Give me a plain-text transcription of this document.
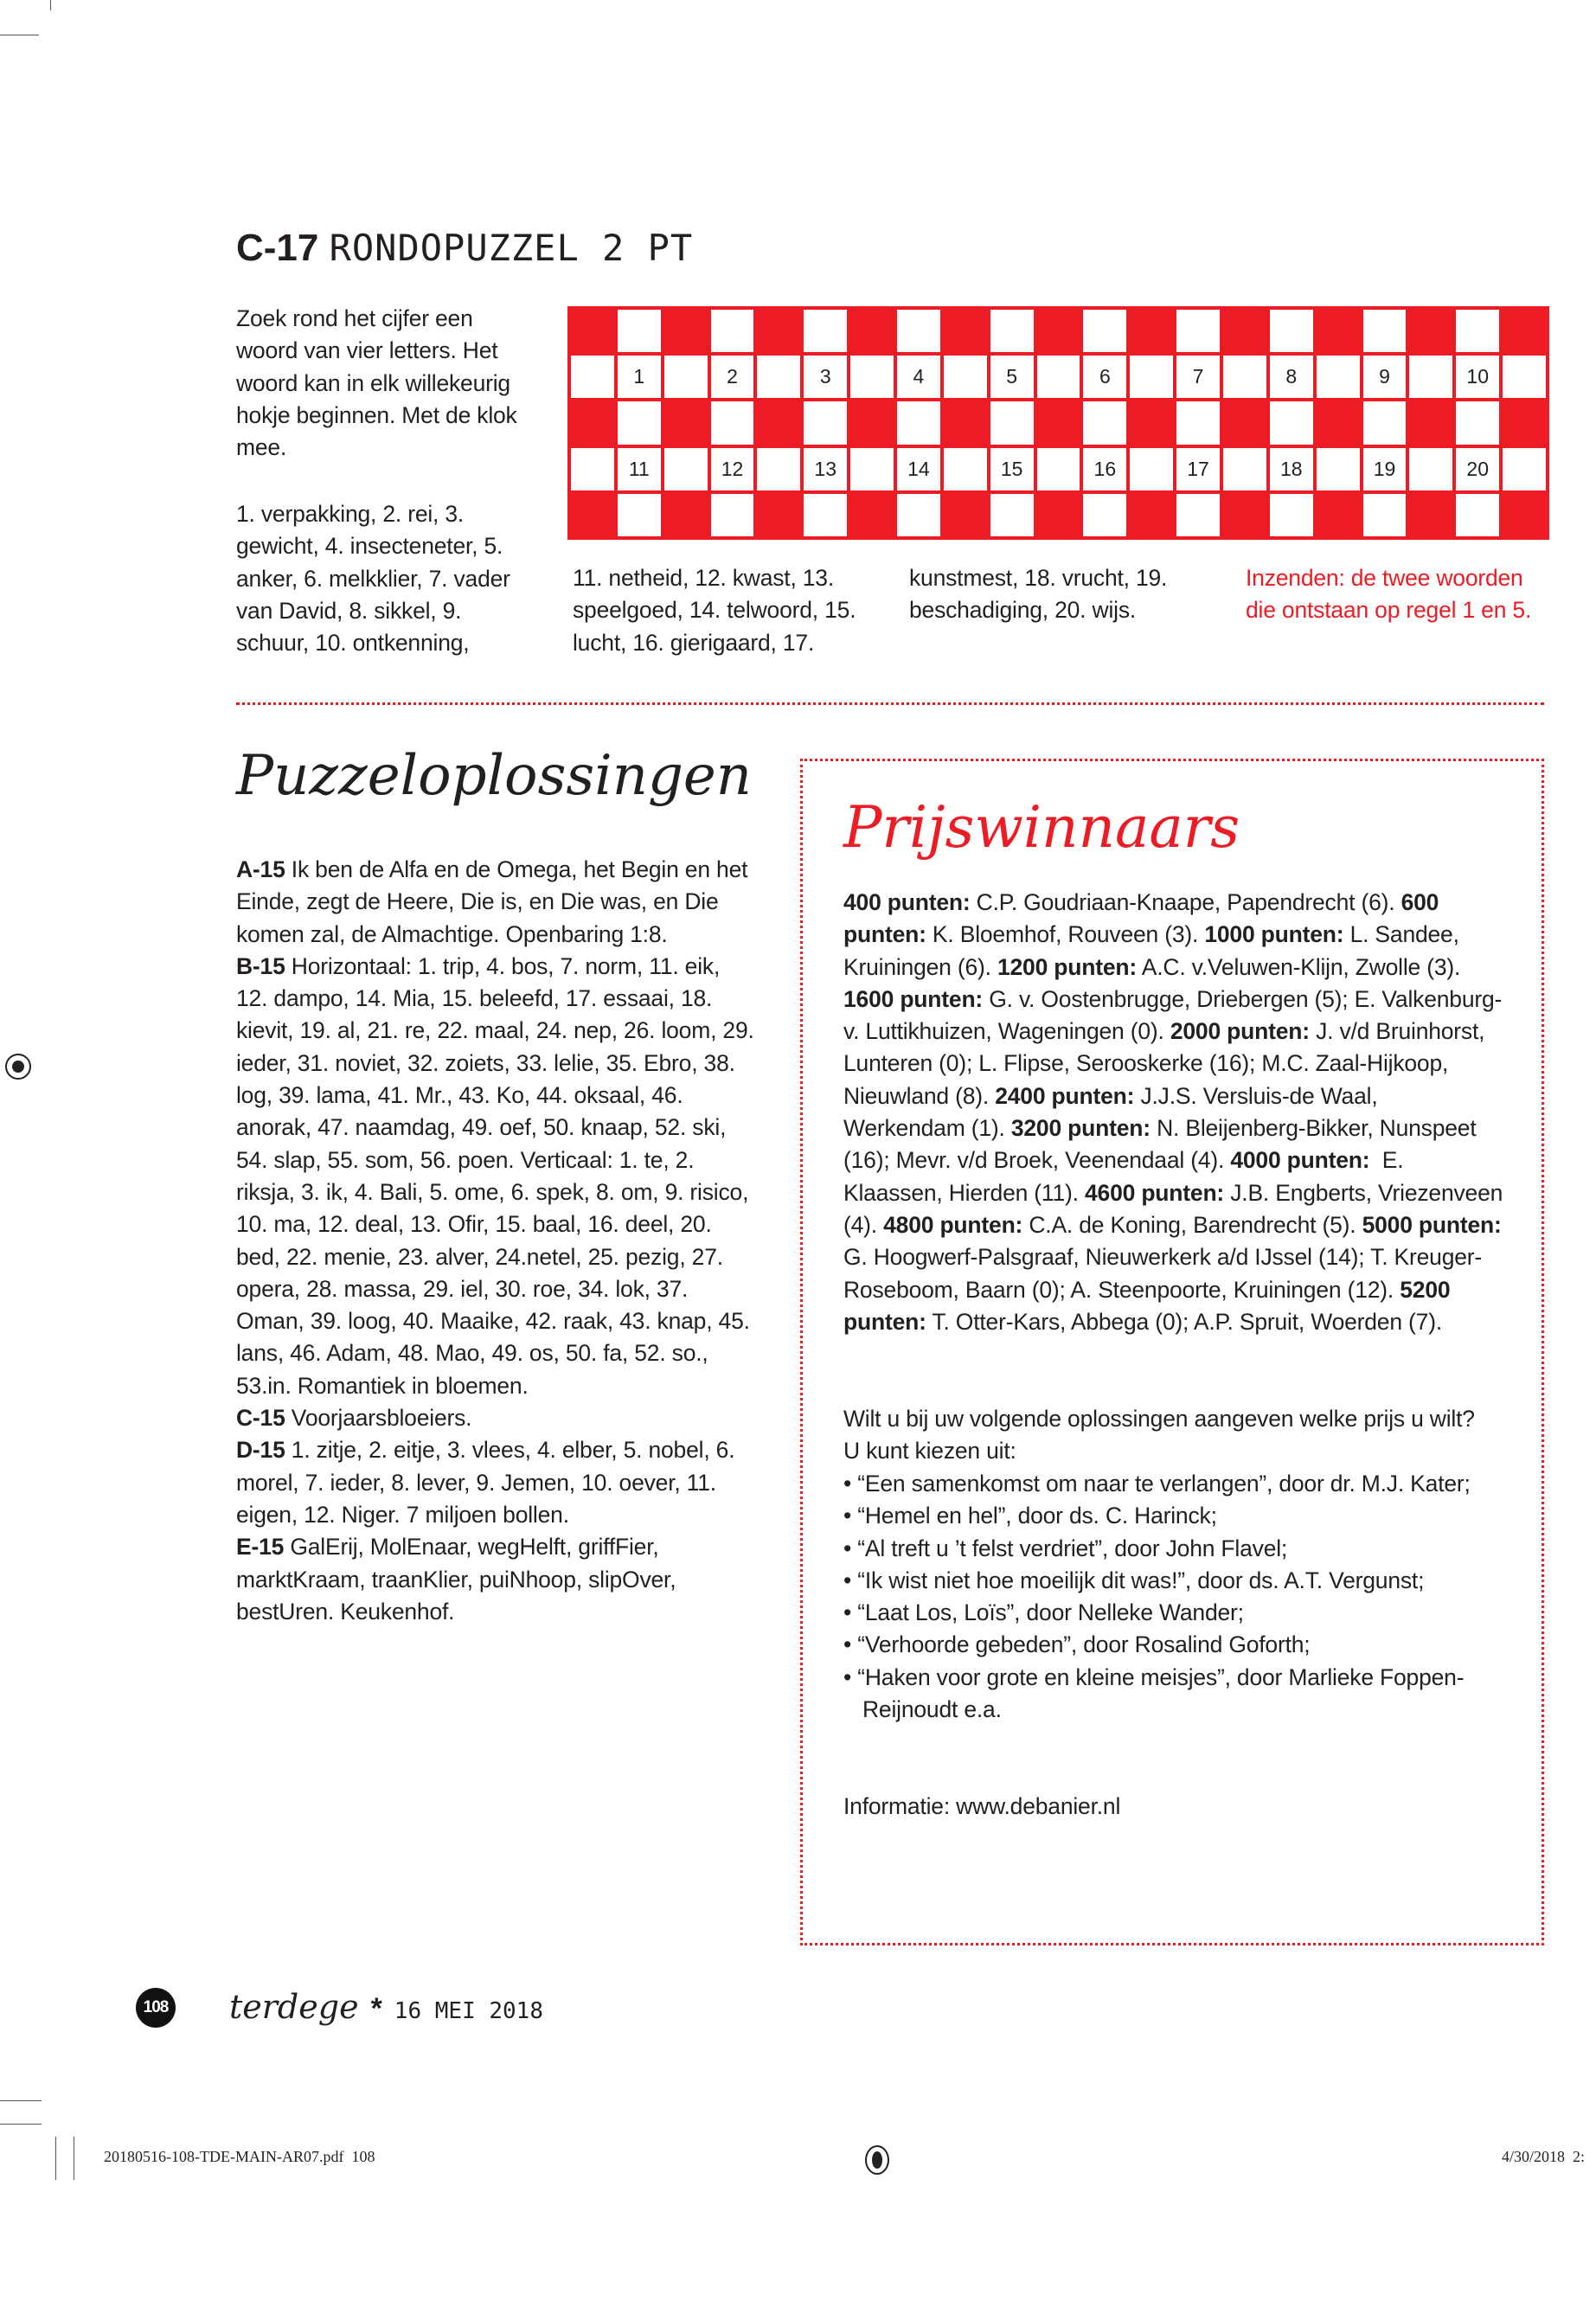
C-17 RONDOPUZZEL 2 PT

Zoek rond het cijfer een woord van vier letters. Het woord kan in elk willekeurig hokje beginnen. Met de klok mee.

1. verpakking, 2. rei, 3. gewicht, 4. insecteneter, 5. anker, 6. melkklier, 7. vader van David, 8. sikkel, 9. schuur, 10. ontkenning,

11. netheid, 12. kwast, 13. speelgoed, 14. telwoord, 15. lucht, 16. gierigaard, 17.

kunstmest, 18. vrucht, 19. beschadiging, 20. wijs.

Inzenden: de twee woorden die ontstaan op regel 1 en 5.

1	2	3	4	5	6	7	8	9	10
11	12	13	14	15	16	17	18	19	20
Puzzeloplossingen

A-15 Ik ben de Alfa en de Omega, het Begin en het Einde, zegt de Heere, Die is, en Die was, en Die komen zal, de Almachtige. Openbaring 1:8.

B-15 Horizontaal: 1. trip, 4. bos, 7. norm, 11. eik, 12. dampo, 14. Mia, 15. beleefd, 17. essaai, 18. kievit, 19. al, 21. re, 22. maal, 24. nep, 26. loom, 29. ieder, 31. noviet, 32. zoiets, 33. lelie, 35. Ebro, 38. log, 39. lama, 41. Mr., 43. Ko, 44. oksaal, 46. anorak, 47. naamdag, 49. oef, 50. knaap, 52. ski, 54. slap, 55. som, 56. poen. Verticaal: 1. te, 2. riksja, 3. ik, 4. Bali, 5. ome, 6. spek, 8. om, 9. risico, 10. ma, 12. deal, 13. Ofir, 15. baal, 16. deel, 20. bed, 22. menie, 23. alver, 24.netel, 25. pezig, 27. opera, 28. massa, 29. iel, 30. roe, 34. lok, 37. Oman, 39. loog, 40. Maaike, 42. raak, 43. knap, 45. lans, 46. Adam, 48. Mao, 49. os, 50. fa, 52. so., 53.in. Romantiek in bloemen.

C-15 Voorjaarsbloeiers.

D-15 1. zitje, 2. eitje, 3. vlees, 4. elber, 5. nobel, 6. morel, 7. ieder, 8. lever, 9. Jemen, 10. oever, 11. eigen, 12. Niger. 7 miljoen bollen.

E-15 GalErij, MolEnaar, wegHelft, griffFier, marktKraam, traanKlier, puiNhoop, slipOver, bestUren. Keukenhof.

Prijswinnaars
400 punten: C.P. Goudriaan-Knaape, Papendrecht (6). 600 punten: K. Bloemhof, Rouveen (3). 1000 punten: L. Sandee, Kruiningen (6). 1200 punten: A.C. v.Veluwen-Klijn, Zwolle (3). 1600 punten: G. v. Oostenbrugge, Driebergen (5); E. Valkenburg-v. Luttikhuizen, Wageningen (0). 2000 punten: J. v/d Bruinhorst, Lunteren (0); L. Flipse, Serooskerke (16); M.C. Zaal-Hijkoop, Nieuwland (8). 2400 punten: J.J.S. Versluis-de Waal, Werkendam (1). 3200 punten: N. Bleijenberg-Bikker, Nunspeet (16); Mevr. v/d Broek, Veenendaal (4). 4000 punten:  E. Klaassen, Hierden (11). 4600 punten: J.B. Engberts, Vriezenveen (4). 4800 punten: C.A. de Koning, Barendrecht (5). 5000 punten: G. Hoogwerf-Palsgraaf, Nieuwerkerk a/d IJssel (14); T. Kreuger-Roseboom, Baarn (0); A. Steenpoorte, Kruiningen (12). 5200 punten: T. Otter-Kars, Abbega (0); A.P. Spruit, Woerden (7).

Wilt u bij uw volgende oplossingen aangeven welke prijs u wilt? U kunt kiezen uit:

• “Een samenkomst om naar te verlangen”, door dr. M.J. Kater;

• “Hemel en hel”, door ds. C. Harinck;

• “Al treft u ’t felst verdriet”, door John Flavel;

• “Ik wist niet hoe moeilijk dit was!”, door ds. A.T. Vergunst;

• “Laat Los, Loïs”, door Nelleke Wander;

• “Verhoorde gebeden”, door Rosalind Goforth;

• “Haken voor grote en kleine meisjes”, door Marlieke Foppen-Reijnoudt e.a.

Informatie: www.debanier.nl

108 terdege * 16 MEI 2018
20180516-108-TDE-MAIN-AR07.pdf  108	4/30/2018  2:
